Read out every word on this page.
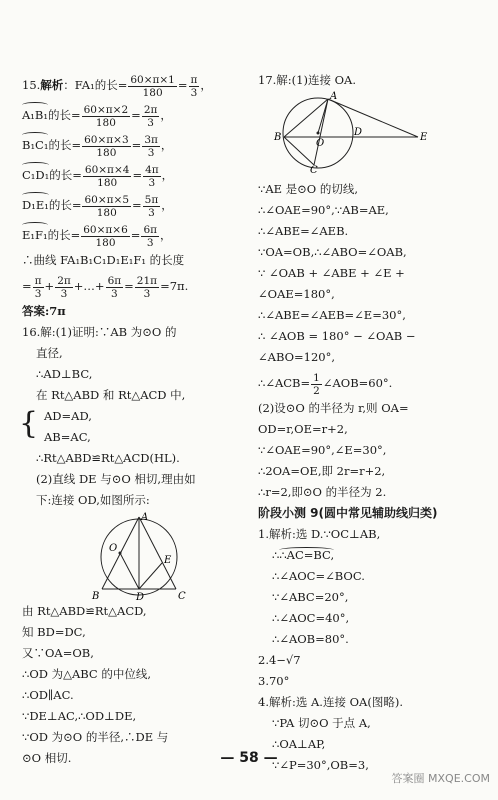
15.解析：FA₁的长= $\frac{60\times\pi\times 1}{180} = \frac{\pi}{3}$ ，
A₁B₁的长= $\frac{60\times\pi\times 2}{180} = \frac{2\pi}{3}$ ，
B₁C₁的长= $\frac{60\times\pi\times 3}{180} = \frac{3\pi}{3}$ ，
C₁D₁的长= $\frac{60\times\pi\times 4}{180} = \frac{4\pi}{3}$ ，
D₁E₁的长= $\frac{60\times\pi\times 5}{180} = \frac{5\pi}{3}$ ，
E₁F₁的长= $\frac{60\times\pi\times 6}{180} = \frac{6\pi}{3}$ ，
∴曲线 FA₁B₁C₁D₁E₁F₁ 的长度
= $\frac{\pi}{3} + \frac{2\pi}{3}$ +…+ $\frac{6\pi}{3} = \frac{21\pi}{3} =7\pi$.
答案:7π
16.解:(1)证明:∵AB 为⊙O 的
直径,
∴AD⊥BC,
在 Rt△ABD 和 Rt△ACD 中,
{ AD=AD,
AB=AC,
∴Rt△ABD≌Rt△ACD(HL).
(2)直线 DE 与⊙O 相切,理由如
下:连接 OD,如图所示:
A
O
B	D
E
C
由 Rt△ABD≌Rt△ACD,
知 BD=DC,
又∵OA=OB,
∴OD 为△ABC 的中位线,
∴OD∥AC.
∵DE⊥AC,∴OD⊥DE,
∵OD 为⊙O 的半径,∴DE 与
⊙O 相切.
17.解:(1)连接 OA.
A
B
C
O
D	E
∵AE 是⊙O 的切线,
∴∠OAE=90°,∵AB=AE,
∴∠ABE=∠AEB.
∵OA=OB,∴∠ABO=∠OAB,
∵ ∠OAB + ∠ABE + ∠E +
∠OAE=180°,
∴∠ABE=∠AEB=∠E=30°,
∴ ∠AOB = 180° − ∠OAB −
∠ABO=120°,
∴∠ACB= $\frac{1}{2}$ ∠AOB=60°.
(2)设⊙O 的半径为 r,则 OA=
OD=r,OE=r+2,
∵∠OAE=90°,∠E=30°,
∴2OA=OE,即 2r=r+2,
∴r=2,即⊙O 的半径为 2.
阶段小测 9(圆中常见辅助线归类)
1.解析:选 D.∵OC⊥AB,
∴∴AC=BC,
∴∠AOC=∠BOC.
∵∠ABC=20°,
∴∠AOC=40°,
∴∠AOB=80°.
2.4−√7
3.70°
4.解析:选 A.连接 OA(图略).
∵PA 切⊙O 于点 A,
∴OA⊥AP,
∵∠P=30°,OB=3,
— 58 —
答案圈 MXQE.COM
